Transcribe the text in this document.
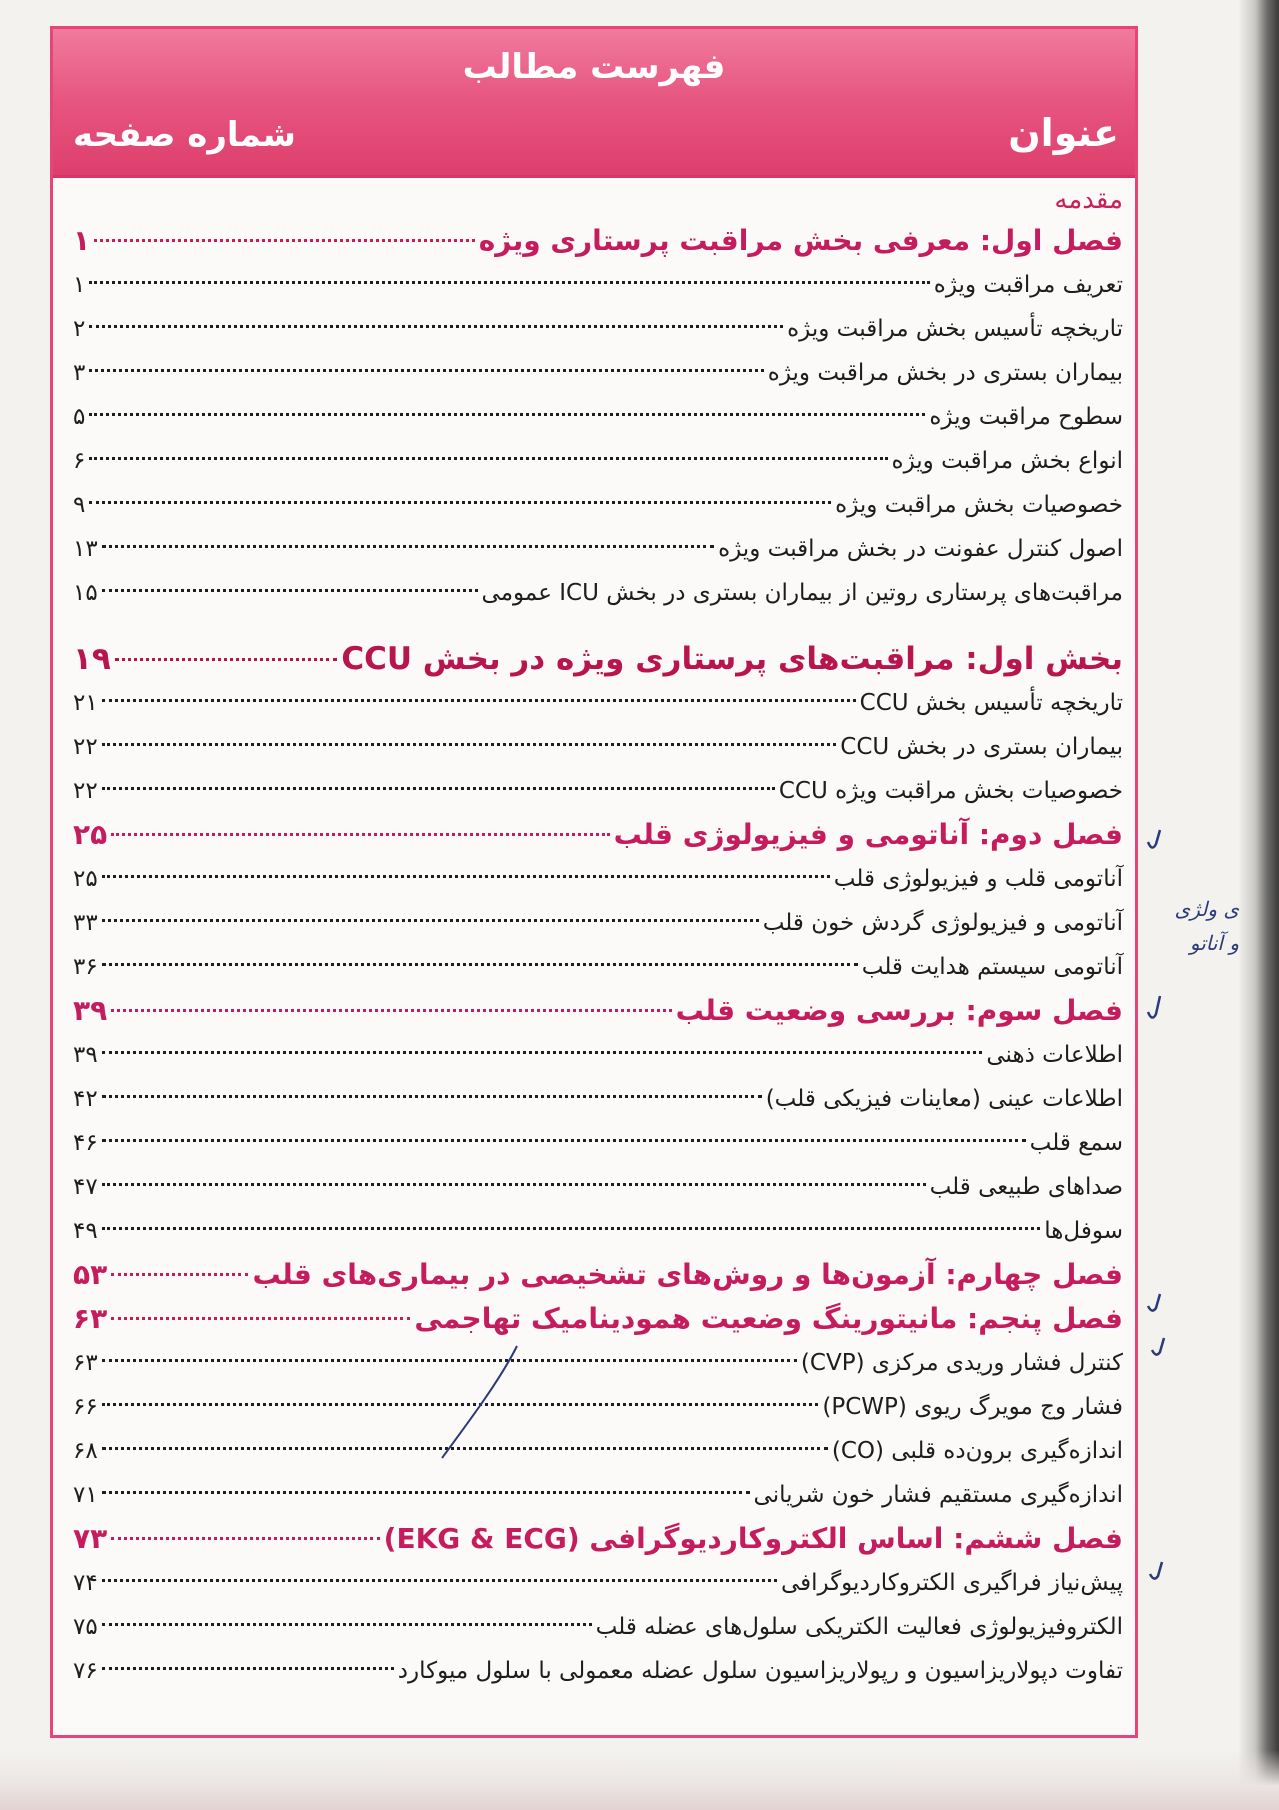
فهرست مطالب
عنوان
شماره صفحه
مقدمه
فصل اول: معرفی بخش مراقبت پرستاری ویژه
۱
تعریف مراقبت ویژه
۱
تاریخچه تأسیس بخش مراقبت ویژه
۲
بیماران بستری در بخش مراقبت ویژه
۳
سطوح مراقبت ویژه
۵
انواع بخش مراقبت ویژه
۶
خصوصیات بخش مراقبت ویژه
۹
اصول کنترل عفونت در بخش مراقبت ویژه
۱۳
مراقبت‌های پرستاری روتین از بیماران بستری در بخش ICU عمومی
۱۵
بخش اول: مراقبت‌های پرستاری ویژه در بخش CCU
۱۹
تاریخچه تأسیس بخش CCU
۲۱
بیماران بستری در بخش CCU
۲۲
خصوصیات بخش مراقبت ویژه CCU
۲۲
فصل دوم: آناتومی و فیزیولوژی قلب
۲۵
آناتومی قلب و فیزیولوژی قلب
۲۵
آناتومی و فیزیولوژی گردش خون قلب
۳۳
آناتومی سیستم هدایت قلب
۳۶
فصل سوم: بررسی وضعیت قلب
۳۹
اطلاعات ذهنی
۳۹
اطلاعات عینی (معاینات فیزیکی قلب)
۴۲
سمع قلب
۴۶
صداهای طبیعی قلب
۴۷
سوفل‌ها
۴۹
فصل چهارم: آزمون‌ها و روش‌های تشخیصی در بیماری‌های قلب
۵۳
فصل پنجم: مانیتورینگ وضعیت همودینامیک تهاجمی
۶۳
کنترل فشار وریدی مرکزی (CVP)
۶۳
فشار وج مویرگ ریوی (PCWP)
۶۶
اندازه‌گیری برون‌ده قلبی (CO)
۶۸
اندازه‌گیری مستقیم فشار خون شریانی
۷۱
فصل ششم: اساس الکتروکاردیوگرافی (EKG & ECG)
۷۳
پیش‌نیاز فراگیری الکتروکاردیوگرافی
۷۴
الکتروفیزیولوژی فعالیت الکتریکی سلول‌های عضله قلب
۷۵
تفاوت دپولاریزاسیون و رپولاریزاسیون سلول عضله معمولی با سلول میوکارد
۷۶
ی ولژی
و آناتو
